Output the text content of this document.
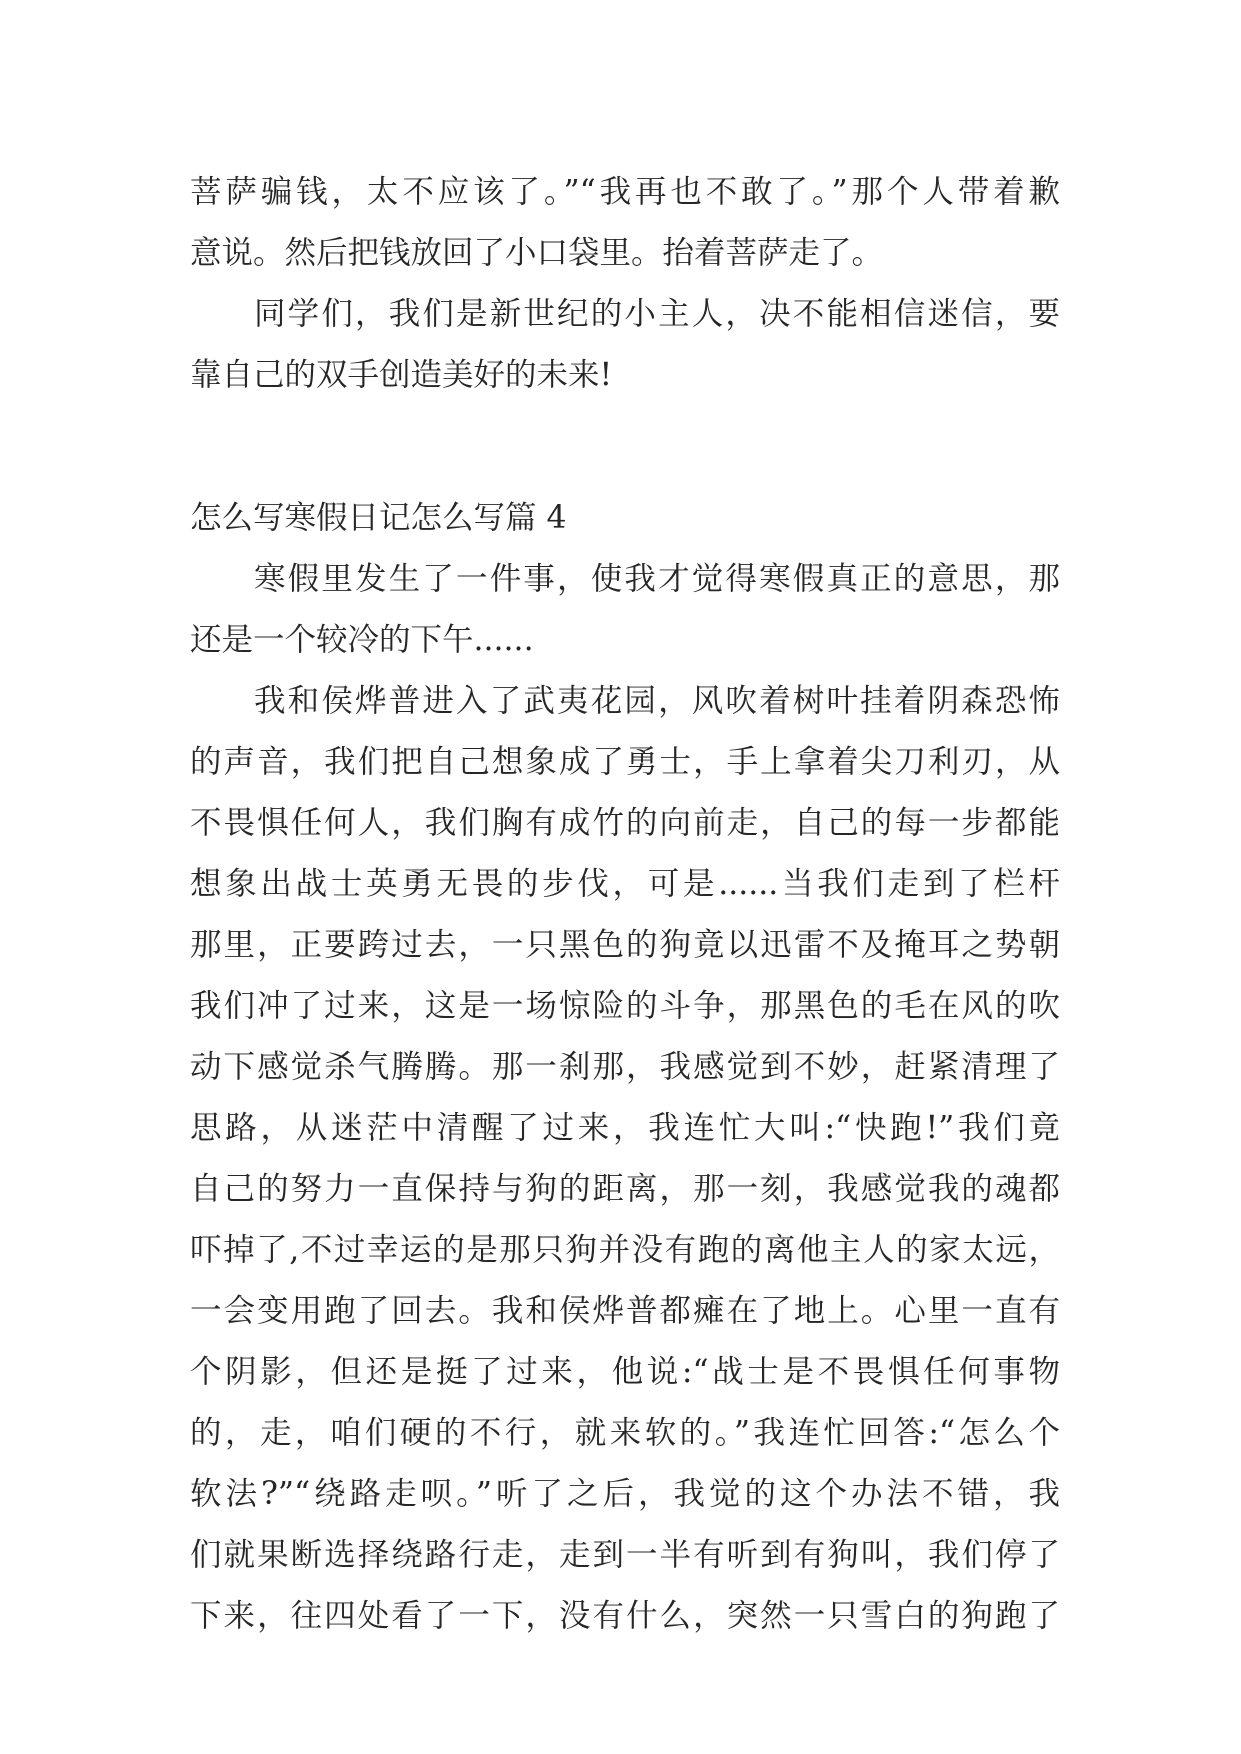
菩萨骗钱，太不应该了。”“我再也不敢了。”那个人带着歉
意说。然后把钱放回了小口袋里。抬着菩萨走了。
同学们，我们是新世纪的小主人，决不能相信迷信，要
靠自己的双手创造美好的未来!
怎么写寒假日记怎么写篇 4
寒假里发生了一件事，使我才觉得寒假真正的意思，那
还是一个较冷的下午......
我和侯烨普进入了武夷花园，风吹着树叶挂着阴森恐怖
的声音，我们把自己想象成了勇士，手上拿着尖刀利刃，从
不畏惧任何人，我们胸有成竹的向前走，自己的每一步都能
想象出战士英勇无畏的步伐，可是......当我们走到了栏杆
那里，正要跨过去，一只黑色的狗竟以迅雷不及掩耳之势朝
我们冲了过来，这是一场惊险的斗争，那黑色的毛在风的吹
动下感觉杀气腾腾。那一刹那，我感觉到不妙，赶紧清理了
思路，从迷茫中清醒了过来，我连忙大叫:“快跑!”我们竟
自己的努力一直保持与狗的距离，那一刻，我感觉我的魂都
吓掉了,不过幸运的是那只狗并没有跑的离他主人的家太远，
一会变用跑了回去。我和侯烨普都瘫在了地上。心里一直有
个阴影，但还是挺了过来，他说:“战士是不畏惧任何事物
的，走，咱们硬的不行，就来软的。”我连忙回答:“怎么个
软法?”“绕路走呗。”听了之后，我觉的这个办法不错，我
们就果断选择绕路行走，走到一半有听到有狗叫，我们停了
下来，往四处看了一下，没有什么，突然一只雪白的狗跑了
